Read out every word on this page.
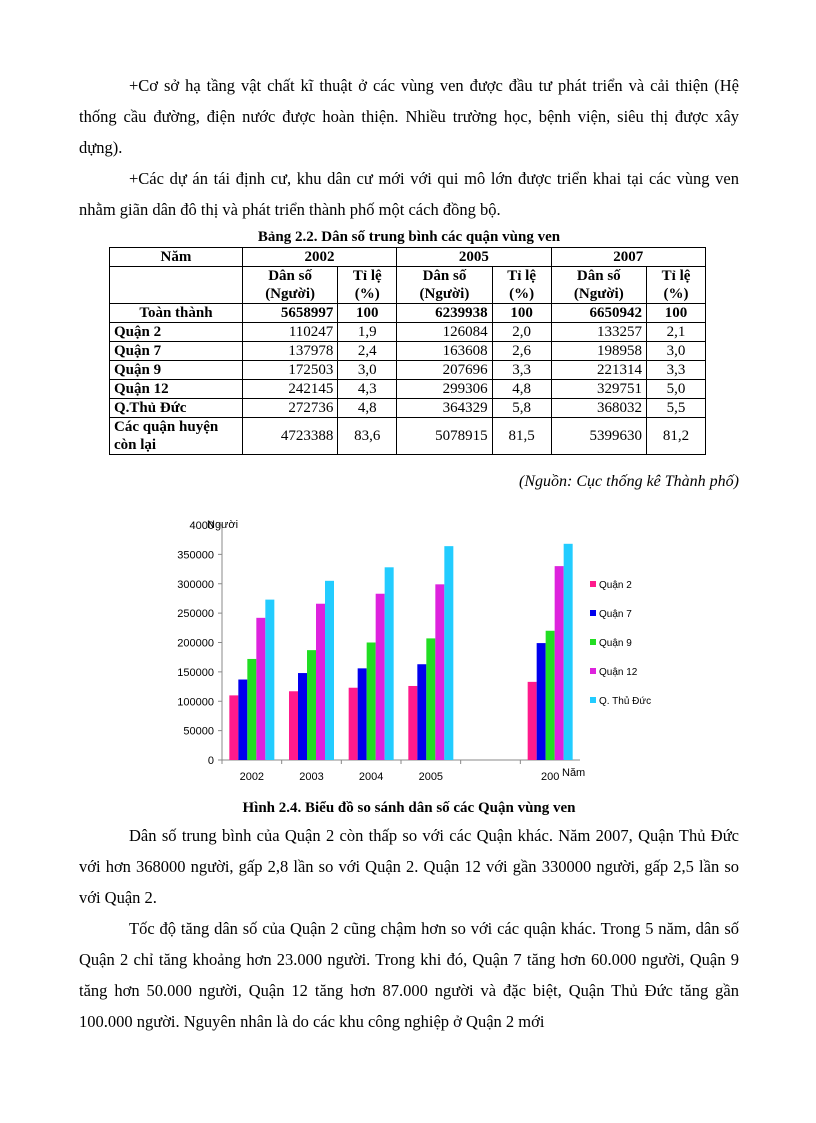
+Cơ sở hạ tầng vật chất kĩ thuật ở các vùng ven được đầu tư phát triển và cải thiện (Hệ thống cầu đường, điện nước được hoàn thiện. Nhiều trường học, bệnh viện, siêu thị được xây dựng).

+Các dự án tái định cư, khu dân cư mới với qui mô lớn được triển khai tại các vùng ven nhằm giãn dân đô thị và phát triển thành phố một cách đồng bộ.

Bảng 2.2. Dân số trung bình các quận vùng ven

Năm	2002		2005		2007	
	Dân số (Người)	Tỉ lệ (%)	Dân số (Người)	Tỉ lệ (%)	Dân số (Người)	Tỉ lệ (%)
Toàn thành	5658997	100	6239938	100	6650942	100
Quận 2	110247	1,9	126084	2,0	133257	2,1
Quận 7	137978	2,4	163608	2,6	198958	3,0
Quận 9	172503	3,0	207696	3,3	221314	3,3
Quận 12	242145	4,3	299306	4,8	329751	5,0
Q.Thủ Đức	272736	4,8	364329	5,8	368032	5,5
Các quận huyện còn lại	4723388	83,6	5078915	81,5	5399630	81,2
(Nguồn: Cục thống kê Thành phố)
0
50000
100000
150000
200000
250000
300000
350000
4000
Người
2002	2003	2004	2005	200 Năm
Quận 2
Quận 7
Quận 9
Quận 12
Q. Thủ Đức

Hình 2.4. Biểu đồ so sánh dân số các Quận vùng ven

Dân số trung bình của Quận 2 còn thấp so với các Quận khác. Năm 2007, Quận Thủ Đức với hơn 368000 người, gấp 2,8 lần so với Quận 2. Quận 12 với gần 330000 người, gấp 2,5 lần so với Quận 2.

Tốc độ tăng dân số của Quận 2 cũng chậm hơn so với các quận khác. Trong 5 năm, dân số Quận 2 chỉ tăng khoảng hơn 23.000 người. Trong khi đó, Quận 7 tăng hơn 60.000 người, Quận 9 tăng hơn 50.000 người, Quận 12 tăng hơn 87.000 người và đặc biệt, Quận Thủ Đức tăng gần 100.000 người. Nguyên nhân là do các khu công nghiệp ở Quận 2 mới
